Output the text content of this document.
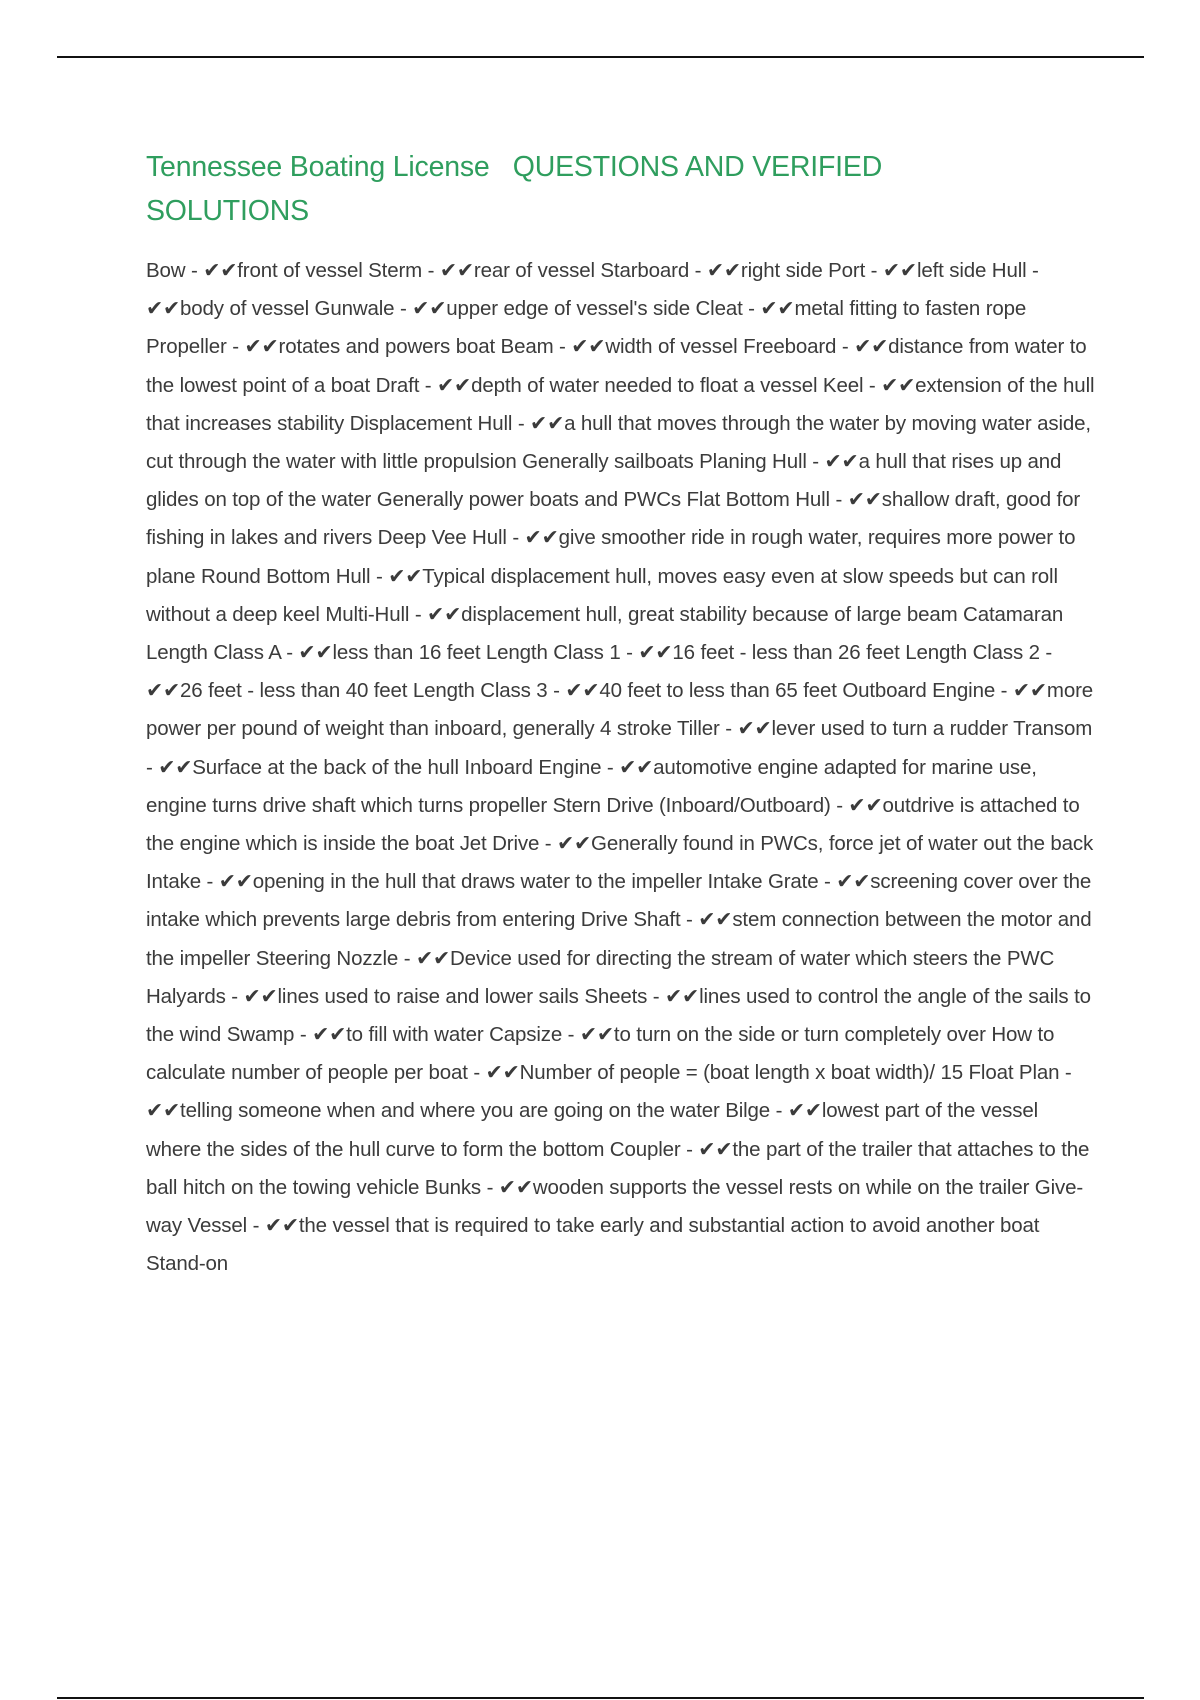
Tennessee Boating License QUESTIONS AND VERIFIED SOLUTIONS

Bow - ✔✔front of vessel Sterm - ✔✔rear of vessel Starboard - ✔✔right side Port - ✔✔left side Hull - ✔✔body of vessel Gunwale - ✔✔upper edge of vessel's side Cleat - ✔✔metal fitting to fasten rope Propeller - ✔✔rotates and powers boat Beam - ✔✔width of vessel Freeboard - ✔✔distance from water to the lowest point of a boat Draft - ✔✔depth of water needed to float a vessel Keel - ✔✔extension of the hull that increases stability Displacement Hull - ✔✔a hull that moves through the water by moving water aside, cut through the water with little propulsion Generally sailboats Planing Hull - ✔✔a hull that rises up and glides on top of the water Generally power boats and PWCs Flat Bottom Hull - ✔✔shallow draft, good for fishing in lakes and rivers Deep Vee Hull - ✔✔give smoother ride in rough water, requires more power to plane Round Bottom Hull - ✔✔Typical displacement hull, moves easy even at slow speeds but can roll without a deep keel Multi-Hull - ✔✔displacement hull, great stability because of large beam Catamaran Length Class A - ✔✔less than 16 feet Length Class 1 - ✔✔16 feet - less than 26 feet Length Class 2 - ✔✔26 feet - less than 40 feet Length Class 3 - ✔✔40 feet to less than 65 feet Outboard Engine - ✔✔more power per pound of weight than inboard, generally 4 stroke Tiller - ✔✔lever used to turn a rudder Transom - ✔✔Surface at the back of the hull Inboard Engine - ✔✔automotive engine adapted for marine use, engine turns drive shaft which turns propeller Stern Drive (Inboard/Outboard) - ✔✔outdrive is attached to the engine which is inside the boat Jet Drive - ✔✔Generally found in PWCs, force jet of water out the back Intake - ✔✔opening in the hull that draws water to the impeller Intake Grate - ✔✔screening cover over the intake which prevents large debris from entering Drive Shaft - ✔✔stem connection between the motor and the impeller Steering Nozzle - ✔✔Device used for directing the stream of water which steers the PWC Halyards - ✔✔lines used to raise and lower sails Sheets - ✔✔lines used to control the angle of the sails to the wind Swamp - ✔✔to fill with water Capsize - ✔✔to turn on the side or turn completely over How to calculate number of people per boat - ✔✔Number of people = (boat length x boat width)/ 15 Float Plan - ✔✔telling someone when and where you are going on the water Bilge - ✔✔lowest part of the vessel where the sides of the hull curve to form the bottom Coupler - ✔✔the part of the trailer that attaches to the ball hitch on the towing vehicle Bunks - ✔✔wooden supports the vessel rests on while on the trailer Give-way Vessel - ✔✔the vessel that is required to take early and substantial action to avoid another boat Stand-on
